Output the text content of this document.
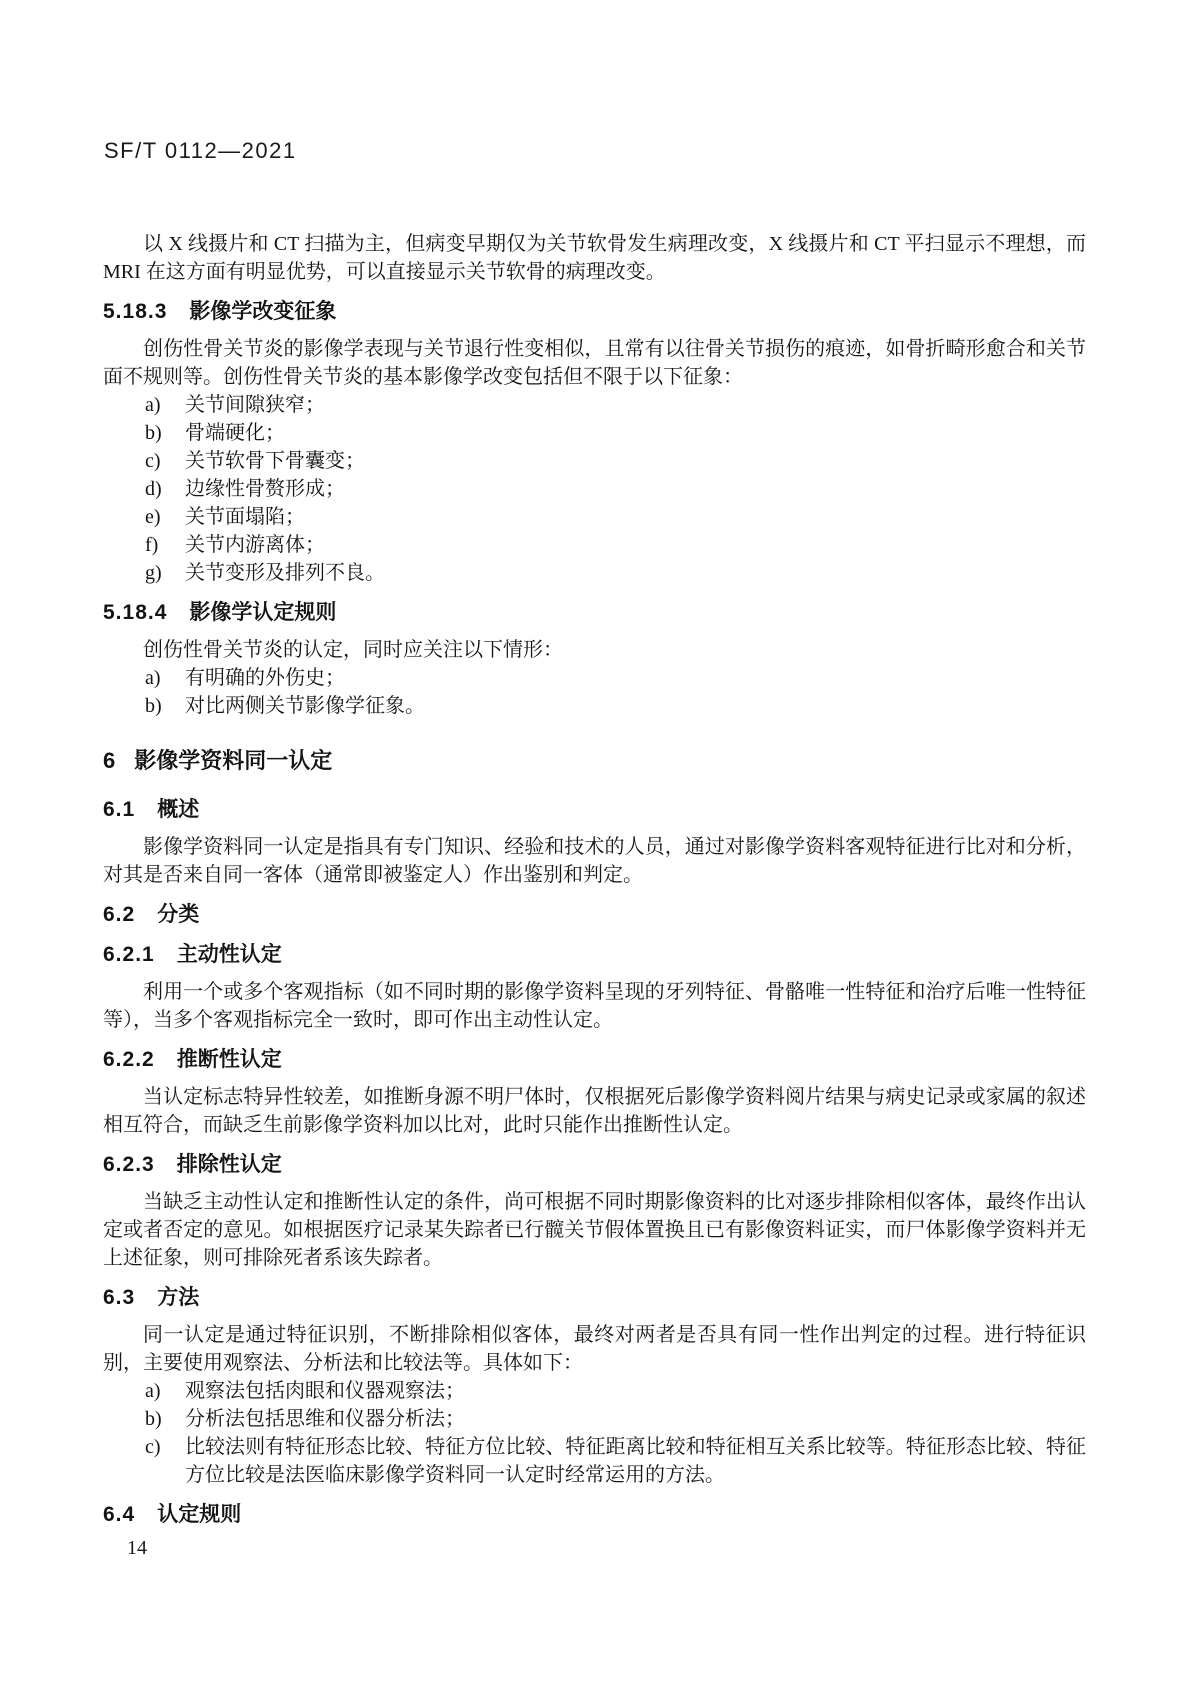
SF/T 0112—2021

以 X 线摄片和 CT 扫描为主，但病变早期仅为关节软骨发生病理改变，X 线摄片和 CT 平扫显示不理想，而 MRI 在这方面有明显优势，可以直接显示关节软骨的病理改变。

5.18.3 影像学改变征象

创伤性骨关节炎的影像学表现与关节退行性变相似，且常有以往骨关节损伤的痕迹，如骨折畸形愈合和关节面不规则等。创伤性骨关节炎的基本影像学改变包括但不限于以下征象：

a)	关节间隙狭窄；
b)	骨端硬化；
c)	关节软骨下骨囊变；
d)	边缘性骨赘形成；
e)	关节面塌陷；
f)	关节内游离体；
g)	关节变形及排列不良。
5.18.4 影像学认定规则

创伤性骨关节炎的认定，同时应关注以下情形：

a)	有明确的外伤史；
b)	对比两侧关节影像学征象。
6 影像学资料同一认定
6.1 概述

影像学资料同一认定是指具有专门知识、经验和技术的人员，通过对影像学资料客观特征进行比对和分析，对其是否来自同一客体（通常即被鉴定人）作出鉴别和判定。

6.2 分类
6.2.1 主动性认定

利用一个或多个客观指标（如不同时期的影像学资料呈现的牙列特征、骨骼唯一性特征和治疗后唯一性特征等），当多个客观指标完全一致时，即可作出主动性认定。

6.2.2 推断性认定

当认定标志特异性较差，如推断身源不明尸体时，仅根据死后影像学资料阅片结果与病史记录或家属的叙述相互符合，而缺乏生前影像学资料加以比对，此时只能作出推断性认定。

6.2.3 排除性认定

当缺乏主动性认定和推断性认定的条件，尚可根据不同时期影像资料的比对逐步排除相似客体，最终作出认定或者否定的意见。如根据医疗记录某失踪者已行髋关节假体置换且已有影像资料证实，而尸体影像学资料并无上述征象，则可排除死者系该失踪者。

6.3 方法

同一认定是通过特征识别，不断排除相似客体，最终对两者是否具有同一性作出判定的过程。进行特征识别，主要使用观察法、分析法和比较法等。具体如下：

a)	观察法包括肉眼和仪器观察法；
b)	分析法包括思维和仪器分析法；
c)	比较法则有特征形态比较、特征方位比较、特征距离比较和特征相互关系比较等。特征形态比较、特征方位比较是法医临床影像学资料同一认定时经常运用的方法。
6.4 认定规则
14
